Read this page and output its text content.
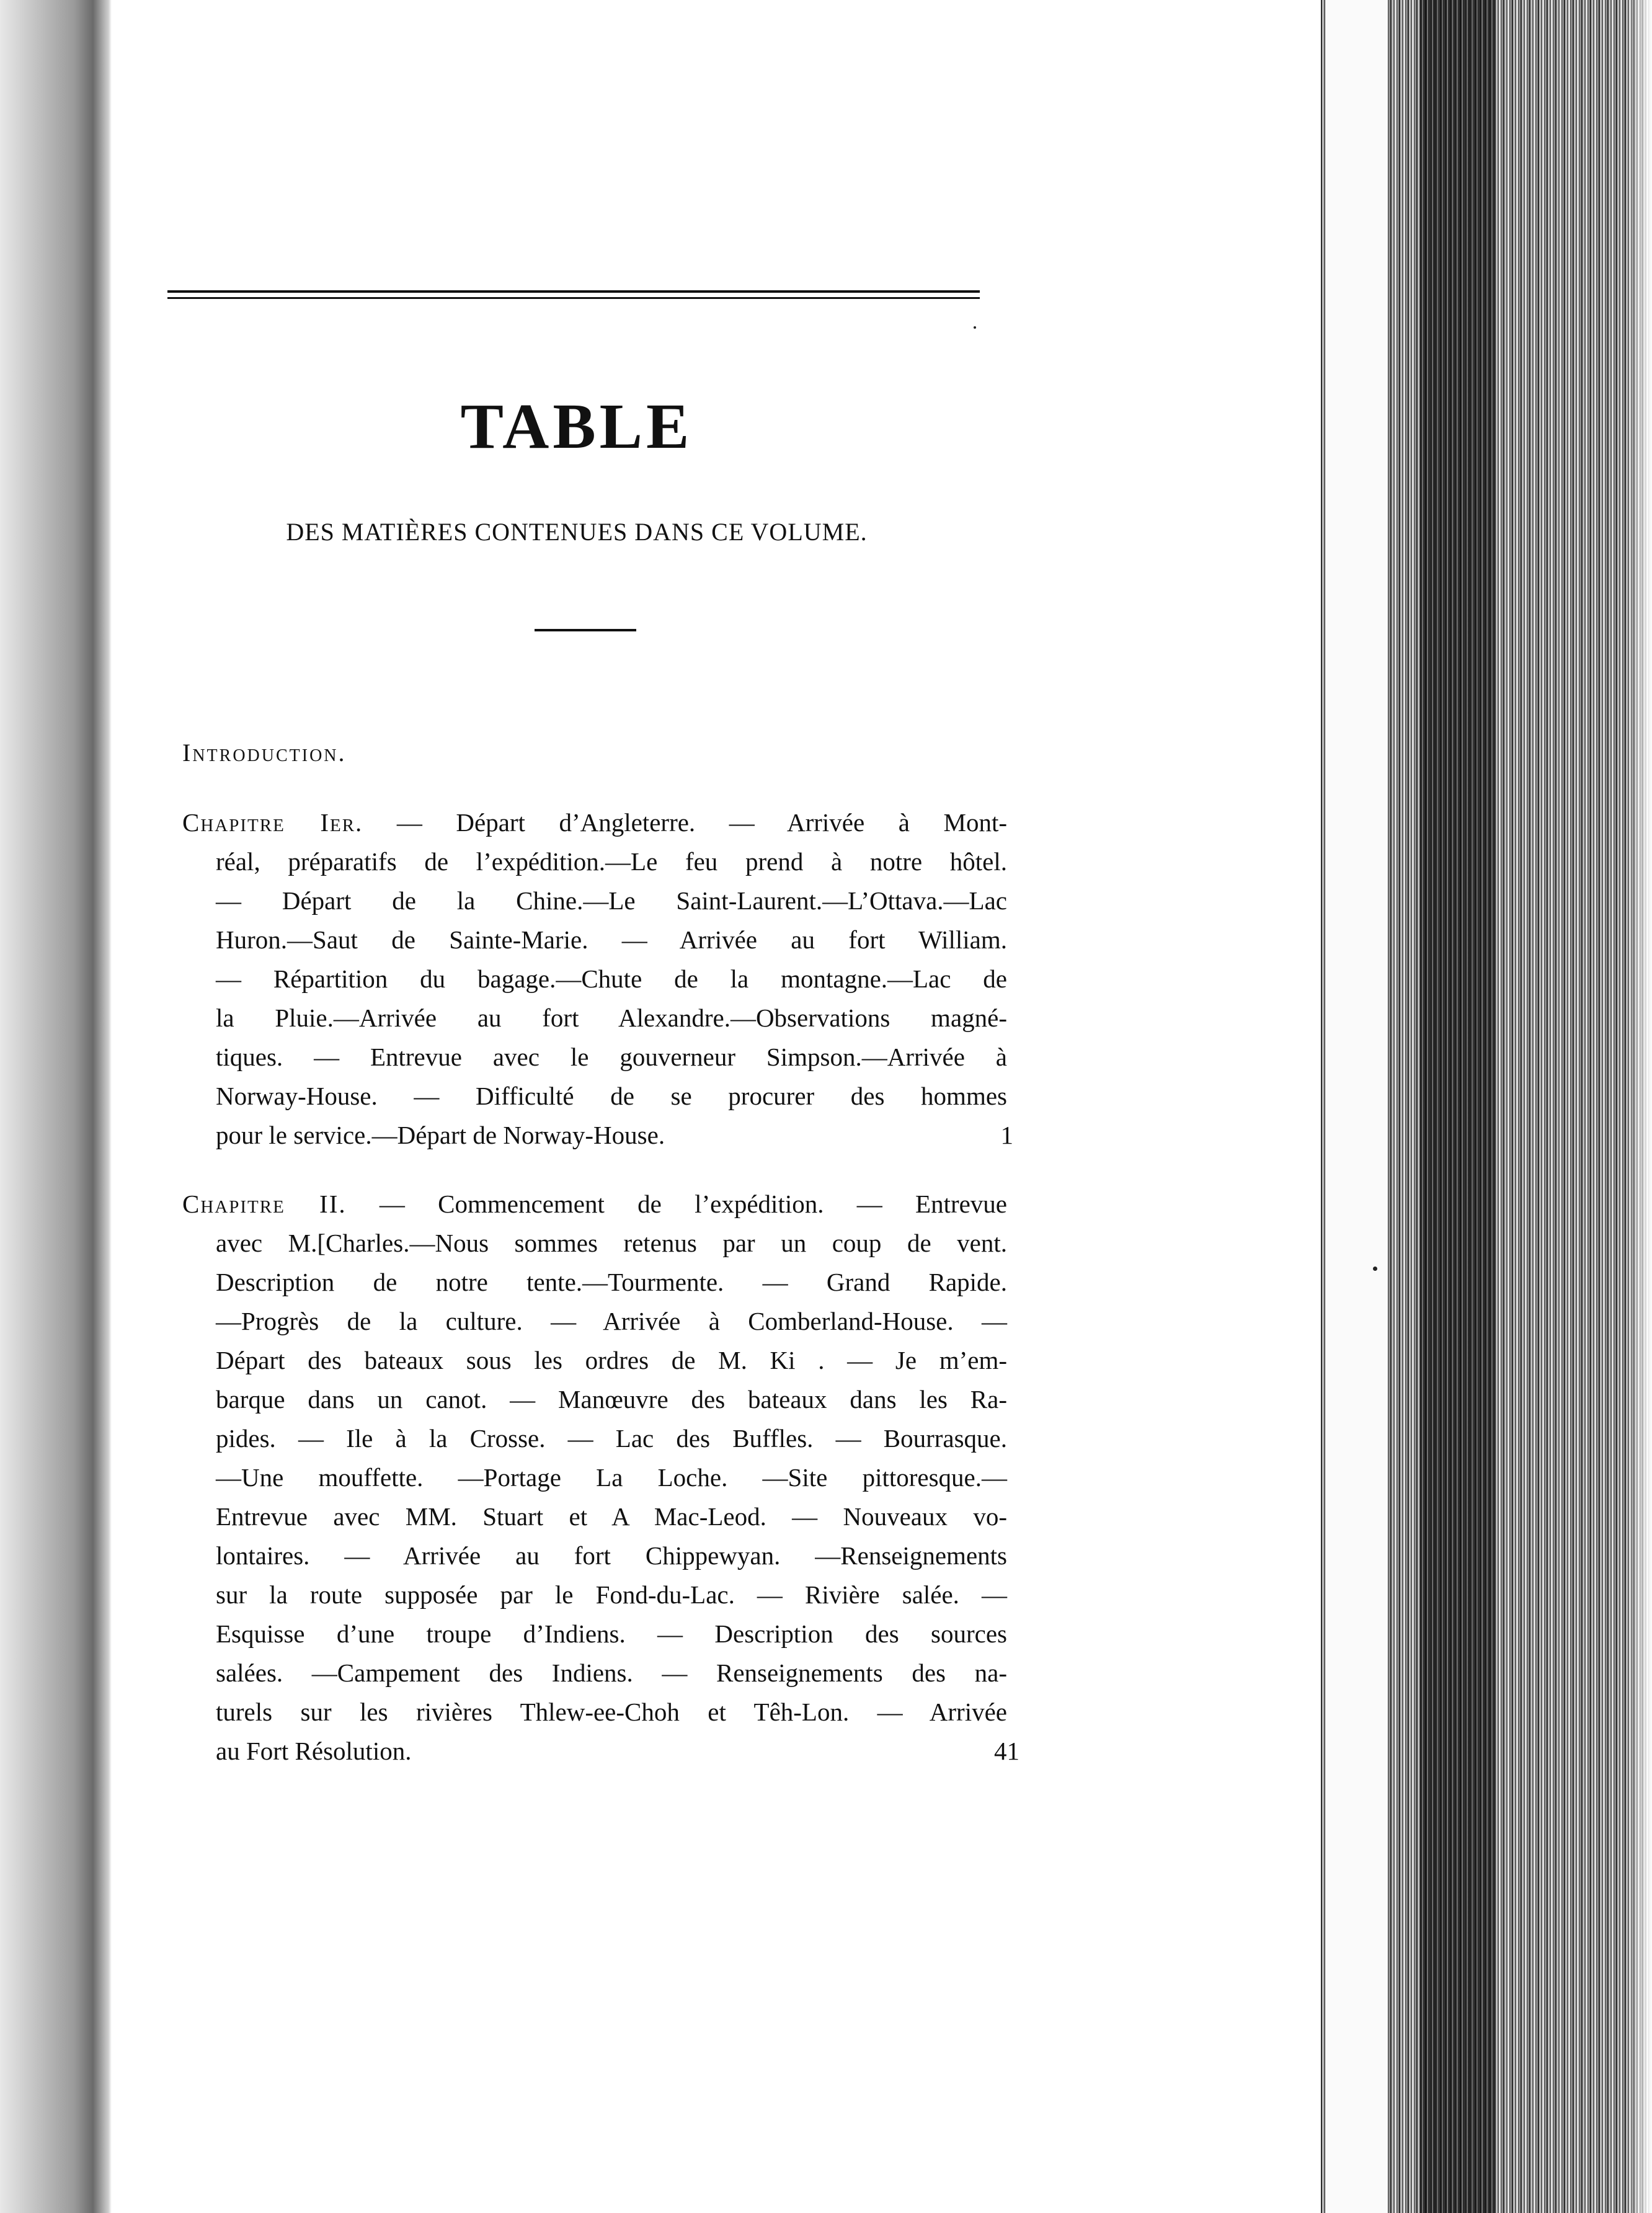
TABLE
DES MATIÈRES CONTENUES DANS CE VOLUME.
Introduction.
Chapitre Ier. — Départ d’Angleterre. — Arrivée à Mont-
réal, préparatifs de l’expédition.—Le feu prend à notre hôtel.
— Départ de la Chine.—Le Saint-Laurent.—L’Ottava.—Lac
Huron.—Saut de Sainte-Marie. — Arrivée au fort William.
— Répartition du bagage.—Chute de la montagne.—Lac de
la Pluie.—Arrivée au fort Alexandre.—Observations magné-
tiques. — Entrevue avec le gouverneur Simpson.—Arrivée à
Norway-House. — Difficulté de se procurer des hommes
pour le service.—Départ de Norway-House.	1
Chapitre II. — Commencement de l’expédition. — Entrevue
avec M.[Charles.—Nous sommes retenus par un coup de vent.
Description de notre tente.—Tourmente. — Grand Rapide.
—Progrès de la culture. — Arrivée à Comberland-House. —
Départ des bateaux sous les ordres de M. Ki . — Je m’em-
barque dans un canot. — Manœuvre des bateaux dans les Ra-
pides. — Ile à la Crosse. — Lac des Buffles. — Bourrasque.
—Une mouffette. —Portage La Loche. —Site pittoresque.—
Entrevue avec MM. Stuart et A Mac-Leod. — Nouveaux vo-
lontaires. — Arrivée au fort Chippewyan. —Renseignements
sur la route supposée par le Fond-du-Lac. — Rivière salée. —
Esquisse d’une troupe d’Indiens. — Description des sources
salées. —Campement des Indiens. — Renseignements des na-
turels sur les rivières Thlew-ee-Choh et Têh-Lon. — Arrivée
au Fort Résolution.	41
